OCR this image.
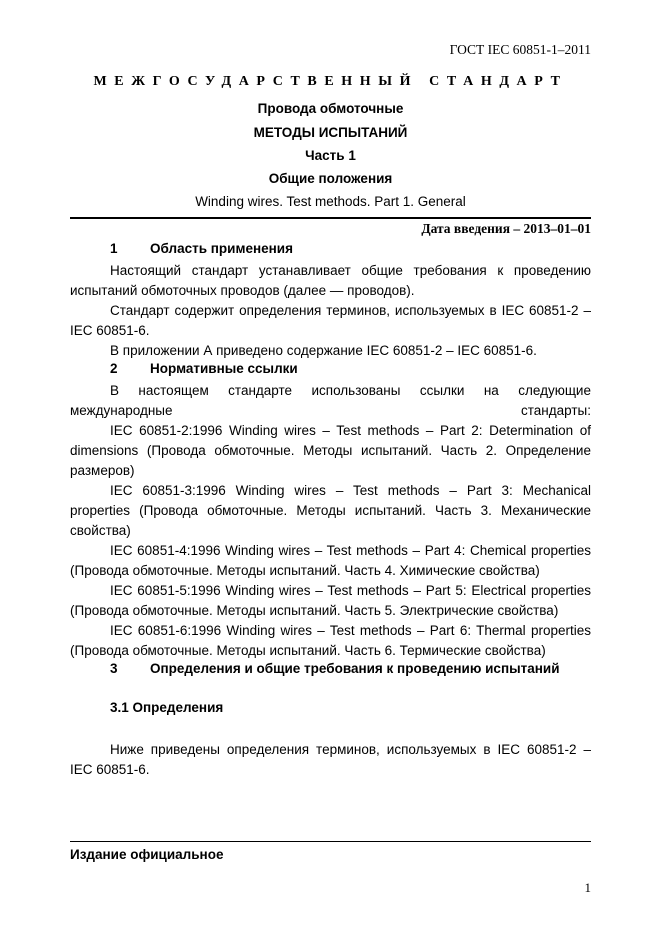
ГОСТ IEC 60851-1–2011
МЕЖГОСУДАРСТВЕННЫЙ СТАНДАРТ
Провода обмоточные
МЕТОДЫ ИСПЫТАНИЙ
Часть 1
Общие положения
Winding wires. Test methods. Part 1. General
Дата введения – 2013–01–01
1 Область применения

Настоящий стандарт устанавливает общие требования к проведению испытаний обмоточных проводов (далее — проводов).

Стандарт содержит определения терминов, используемых в IEC 60851-2 – IEC 60851-6.

В приложении А приведено содержание IEC 60851-2 – IEC 60851-6.

2 Нормативные ссылки

В настоящем стандарте использованы ссылки на следующие международные стандарты:

IEC 60851-2:1996 Winding wires – Test methods – Part 2: Determination of dimensions (Провода обмоточные. Методы испытаний. Часть 2. Определение размеров)

IEC 60851-3:1996 Winding wires – Test methods – Part 3: Mechanical properties (Провода обмоточные. Методы испытаний. Часть 3. Механические свойства)

IEC 60851-4:1996 Winding wires – Test methods – Part 4: Chemical properties (Провода обмоточные. Методы испытаний. Часть 4. Химические свойства)

IEC 60851-5:1996 Winding wires – Test methods – Part 5: Electrical properties (Провода обмоточные. Методы испытаний. Часть 5. Электрические свойства)

IEC 60851-6:1996 Winding wires – Test methods – Part 6: Thermal properties (Провода обмоточные. Методы испытаний. Часть 6. Термические свойства)

3 Определения и общие требования к проведению испытаний
3.1 Определения

Ниже приведены определения терминов, используемых в IEC 60851-2 – IEC 60851-6.

Издание официальное
1
